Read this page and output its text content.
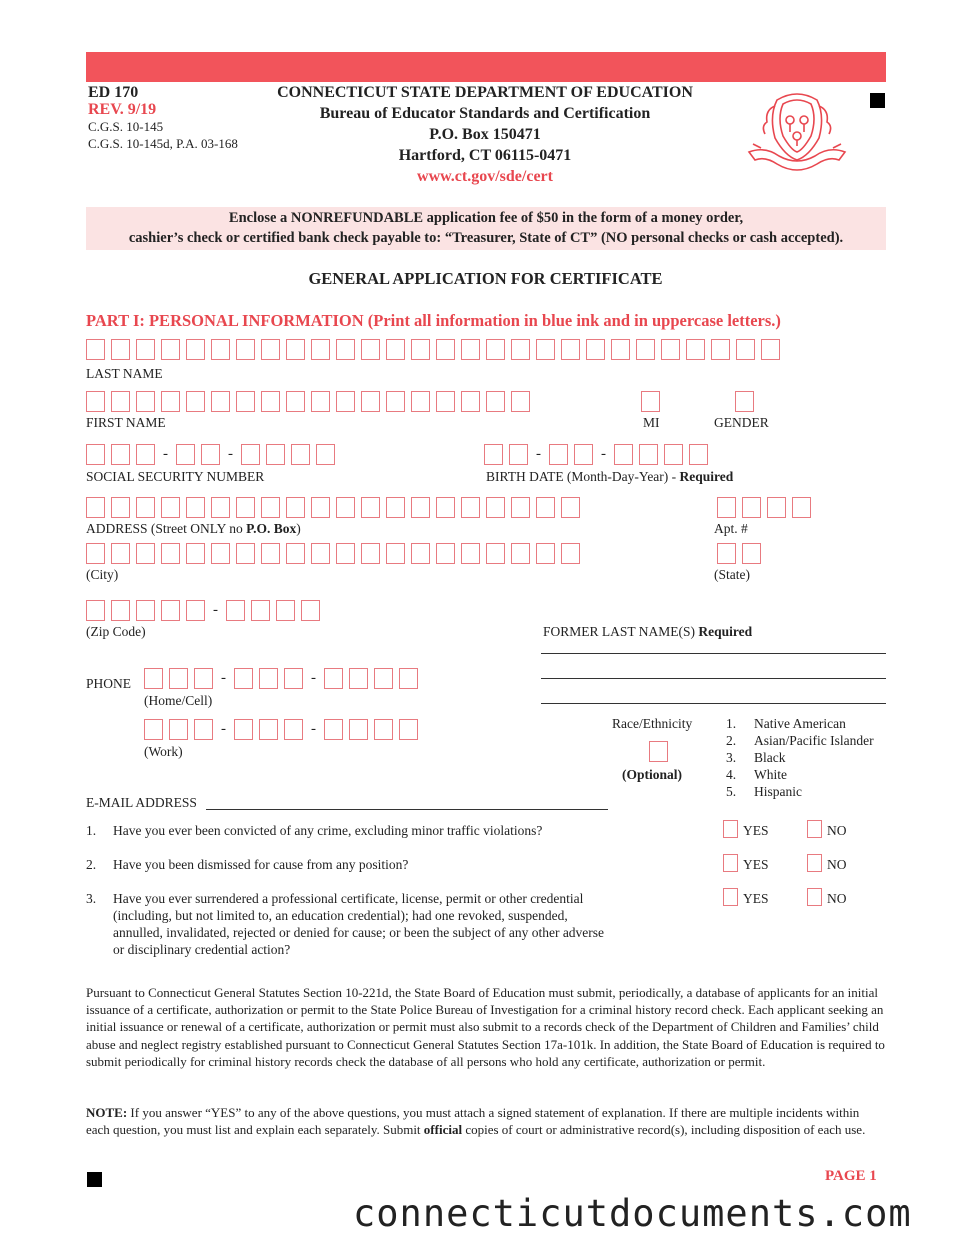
ED 170
REV. 9/19
C.G.S. 10-145
C.G.S. 10-145d, P.A. 03-168
CONNECTICUT STATE DEPARTMENT OF EDUCATION
Bureau of Educator Standards and Certification
P.O. Box 150471
Hartford, CT 06115-0471
www.ct.gov/sde/cert
Enclose a NONREFUNDABLE application fee of $50 in the form of a money order,
cashier’s check or certified bank check payable to: “Treasurer, State of CT” (NO personal checks or cash accepted).
GENERAL APPLICATION FOR CERTIFICATE
PART I: PERSONAL INFORMATION (Print all information in blue ink and in uppercase letters.)
LAST NAME
FIRST NAME	MI	GENDER
-	-
SOCIAL SECURITY NUMBER
-	-
BIRTH DATE (Month-Day-Year) - Required
ADDRESS (Street ONLY no P.O. Box)	Apt. #
(City)	(State)
-
(Zip Code)	FORMER LAST NAME(S) Required
PHONE	-	-
(Home/Cell)
-	-
(Work)
Race/Ethnicity
(Optional)
1. Native American
2. Asian/Pacific Islander
3. Black
4. White
5. Hispanic
E-MAIL ADDRESS
1. Have you ever been convicted of any crime, excluding minor traffic violations?	YES	NO
2. Have you been dismissed for cause from any position?	YES	NO
3. Have you ever surrendered a professional certificate, license, permit or other credential (including, but not limited to, an education credential); had one revoked, suspended, annulled, invalidated, rejected or denied for cause; or been the subject of any other adverse or disciplinary credential action?
YES	NO
Pursuant to Connecticut General Statutes Section 10-221d, the State Board of Education must submit, periodically, a database of applicants for an initial issuance of a certificate, authorization or permit to the State Police Bureau of Investigation for a criminal history record check. Each applicant seeking an initial issuance or renewal of a certificate, authorization or permit must also submit to a records check of the Department of Children and Families’ child abuse and neglect registry established pursuant to Connecticut General Statutes Section 17a-101k. In addition, the State Board of Education is required to submit periodically for criminal history records check the database of all persons who hold any certificate, authorization or permit.
NOTE: If you answer “YES” to any of the above questions, you must attach a signed statement of explanation. If there are multiple incidents within each question, you must list and explain each separately. Submit official copies of court or administrative record(s), including disposition of each use.
PAGE 1
connecticutdocuments.com
